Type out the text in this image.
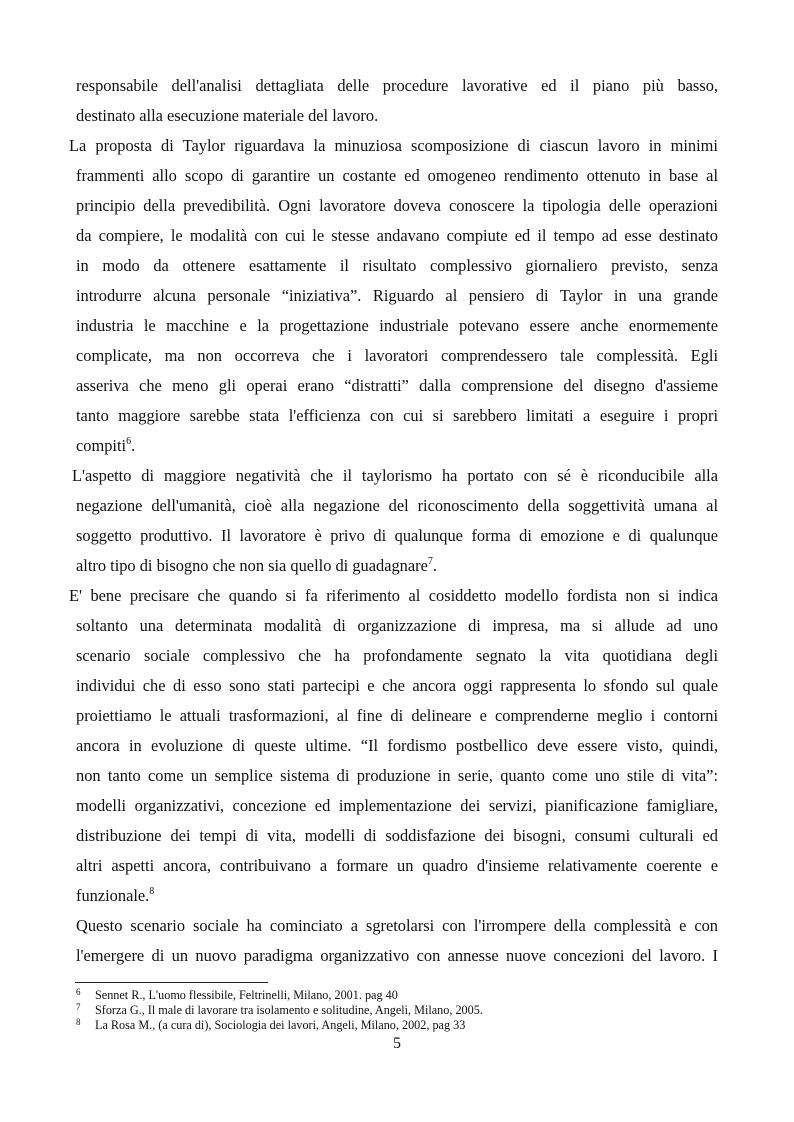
responsabile dell'analisi dettagliata delle procedure lavorative ed il piano più basso,
destinato alla esecuzione materiale del lavoro.
La proposta di Taylor riguardava la minuziosa scomposizione di ciascun lavoro in minimi
frammenti allo scopo di garantire un costante ed omogeneo rendimento ottenuto in base al
principio della prevedibilità. Ogni lavoratore doveva conoscere la tipologia delle operazioni
da compiere, le modalità con cui le stesse andavano compiute ed il tempo ad esse destinato
in modo da ottenere esattamente il risultato complessivo giornaliero previsto, senza
introdurre alcuna personale “iniziativa”. Riguardo al pensiero di Taylor in una grande
industria le macchine e la progettazione industriale potevano essere anche enormemente
complicate, ma non occorreva che i lavoratori comprendessero tale complessità. Egli
asseriva che meno gli operai erano “distratti” dalla comprensione del disegno d'assieme
tanto maggiore sarebbe stata l'efficienza con cui si sarebbero limitati a eseguire i propri
compiti$^6$.
L'aspetto di maggiore negatività che il taylorismo ha portato con sé è riconducibile alla
negazione dell'umanità, cioè alla negazione del riconoscimento della soggettività umana al
soggetto produttivo. Il lavoratore è privo di qualunque forma di emozione e di qualunque
altro tipo di bisogno che non sia quello di guadagnare$^7$.
E' bene precisare che quando si fa riferimento al cosiddetto modello fordista non si indica
soltanto una determinata modalità di organizzazione di impresa, ma si allude ad uno
scenario sociale complessivo che ha profondamente segnato la vita quotidiana degli
individui che di esso sono stati partecipi e che ancora oggi rappresenta lo sfondo sul quale
proiettiamo le attuali trasformazioni, al fine di delineare e comprenderne meglio i contorni
ancora in evoluzione di queste ultime. “Il fordismo postbellico deve essere visto, quindi,
non tanto come un semplice sistema di produzione in serie, quanto come uno stile di vita”:
modelli organizzativi, concezione ed implementazione dei servizi, pianificazione famigliare,
distribuzione dei tempi di vita, modelli di soddisfazione dei bisogni, consumi culturali ed
altri aspetti ancora, contribuivano a formare un quadro d'insieme relativamente coerente e
funzionale.$^8$
Questo scenario sociale ha cominciato a sgretolarsi con l'irrompere della complessità e con
l'emergere di un nuovo paradigma organizzativo con annesse nuove concezioni del lavoro. I
6 Sennet R., L'uomo flessibile, Feltrinelli, Milano, 2001. pag 40
7 Sforza G., Il male di lavorare tra isolamento e solitudine, Angeli, Milano, 2005.
8 La Rosa M., (a cura di), Sociologia dei lavori, Angeli, Milano, 2002, pag 33
5
